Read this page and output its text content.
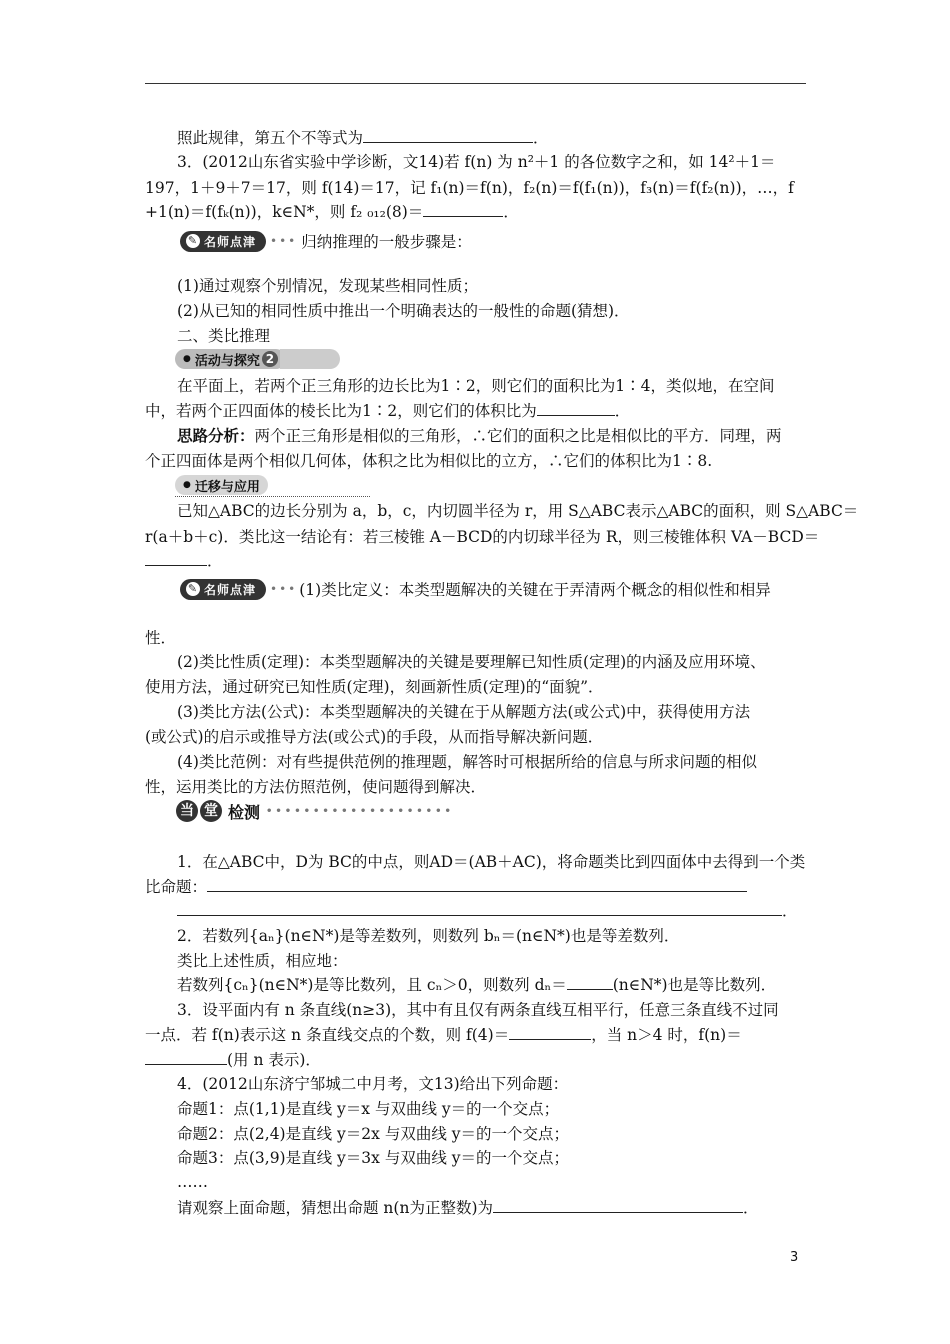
照此规律，第五个不等式为	．
3．(2012山东省实验中学诊断，文14)若 f(n) 为 n²＋1 的各位数字之和，如 14²＋1＝
197，1＋9＋7＝17，则 f(14)＝17，记 f₁(n)＝f(n)，f₂(n)＝f(f₁(n))，f₃(n)＝f(f₂(n))，…，f
+1(n)＝f(fₖ(n))，k∈N*，则 f₂ ₀₁₂(8)＝	．
✎ 名师点津 ••• 归纳推理的一般步骤是：
(1)通过观察个别情况，发现某些相同性质；
(2)从已知的相同性质中推出一个明确表达的一般性的命题(猜想)．
二、类比推理
● 活动与探究 2
在平面上，若两个正三角形的边长比为1∶2，则它们的面积比为1∶4，类似地，在空间
中，若两个正四面体的棱长比为1∶2，则它们的体积比为	．
思路分析：两个正三角形是相似的三角形，∴它们的面积之比是相似比的平方．同理，两
个正四面体是两个相似几何体，体积之比为相似比的立方，∴它们的体积比为1∶8.
● 迁移与应用
已知△ABC的边长分别为 a，b，c，内切圆半径为 r，用 S△ABC表示△ABC的面积，则 S△ABC＝
r(a＋b＋c)．类比这一结论有：若三棱锥 A－BCD的内切球半径为 R，则三棱锥体积 VA－BCD＝
．
✎ 名师点津 ••• (1)类比定义：本类型题解决的关键在于弄清两个概念的相似性和相异
性．
(2)类比性质(定理)：本类型题解决的关键是要理解已知性质(定理)的内涵及应用环境、
使用方法，通过研究已知性质(定理)，刻画新性质(定理)的“面貌”．
(3)类比方法(公式)：本类型题解决的关键在于从解题方法(或公式)中，获得使用方法
(或公式)的启示或推导方法(或公式)的手段，从而指导解决新问题．
(4)类比范例：对有些提供范例的推理题，解答时可根据所给的信息与所求问题的相似
性，运用类比的方法仿照范例，使问题得到解决．
当 堂 检测 ••••••••••••••••••••
1．在△ABC中，D为 BC的中点，则AD＝(AB＋AC)，将命题类比到四面体中去得到一个类
比命题：
．
2．若数列{aₙ}(n∈N*)是等差数列，则数列 bₙ＝(n∈N*)也是等差数列．
类比上述性质，相应地：
若数列{cₙ}(n∈N*)是等比数列，且 cₙ＞0，则数列 dₙ＝	(n∈N*)也是等比数列．
3．设平面内有 n 条直线(n≥3)，其中有且仅有两条直线互相平行，任意三条直线不过同
一点．若 f(n)表示这 n 条直线交点的个数，则 f(4)＝	，当 n＞4 时，f(n)＝
(用 n 表示)．
4．(2012山东济宁邹城二中月考，文13)给出下列命题：
命题1：点(1,1)是直线 y＝x 与双曲线 y＝的一个交点；
命题2：点(2,4)是直线 y＝2x 与双曲线 y＝的一个交点；
命题3：点(3,9)是直线 y＝3x 与双曲线 y＝的一个交点；
……
请观察上面命题，猜想出命题 n(n为正整数)为	．
3
